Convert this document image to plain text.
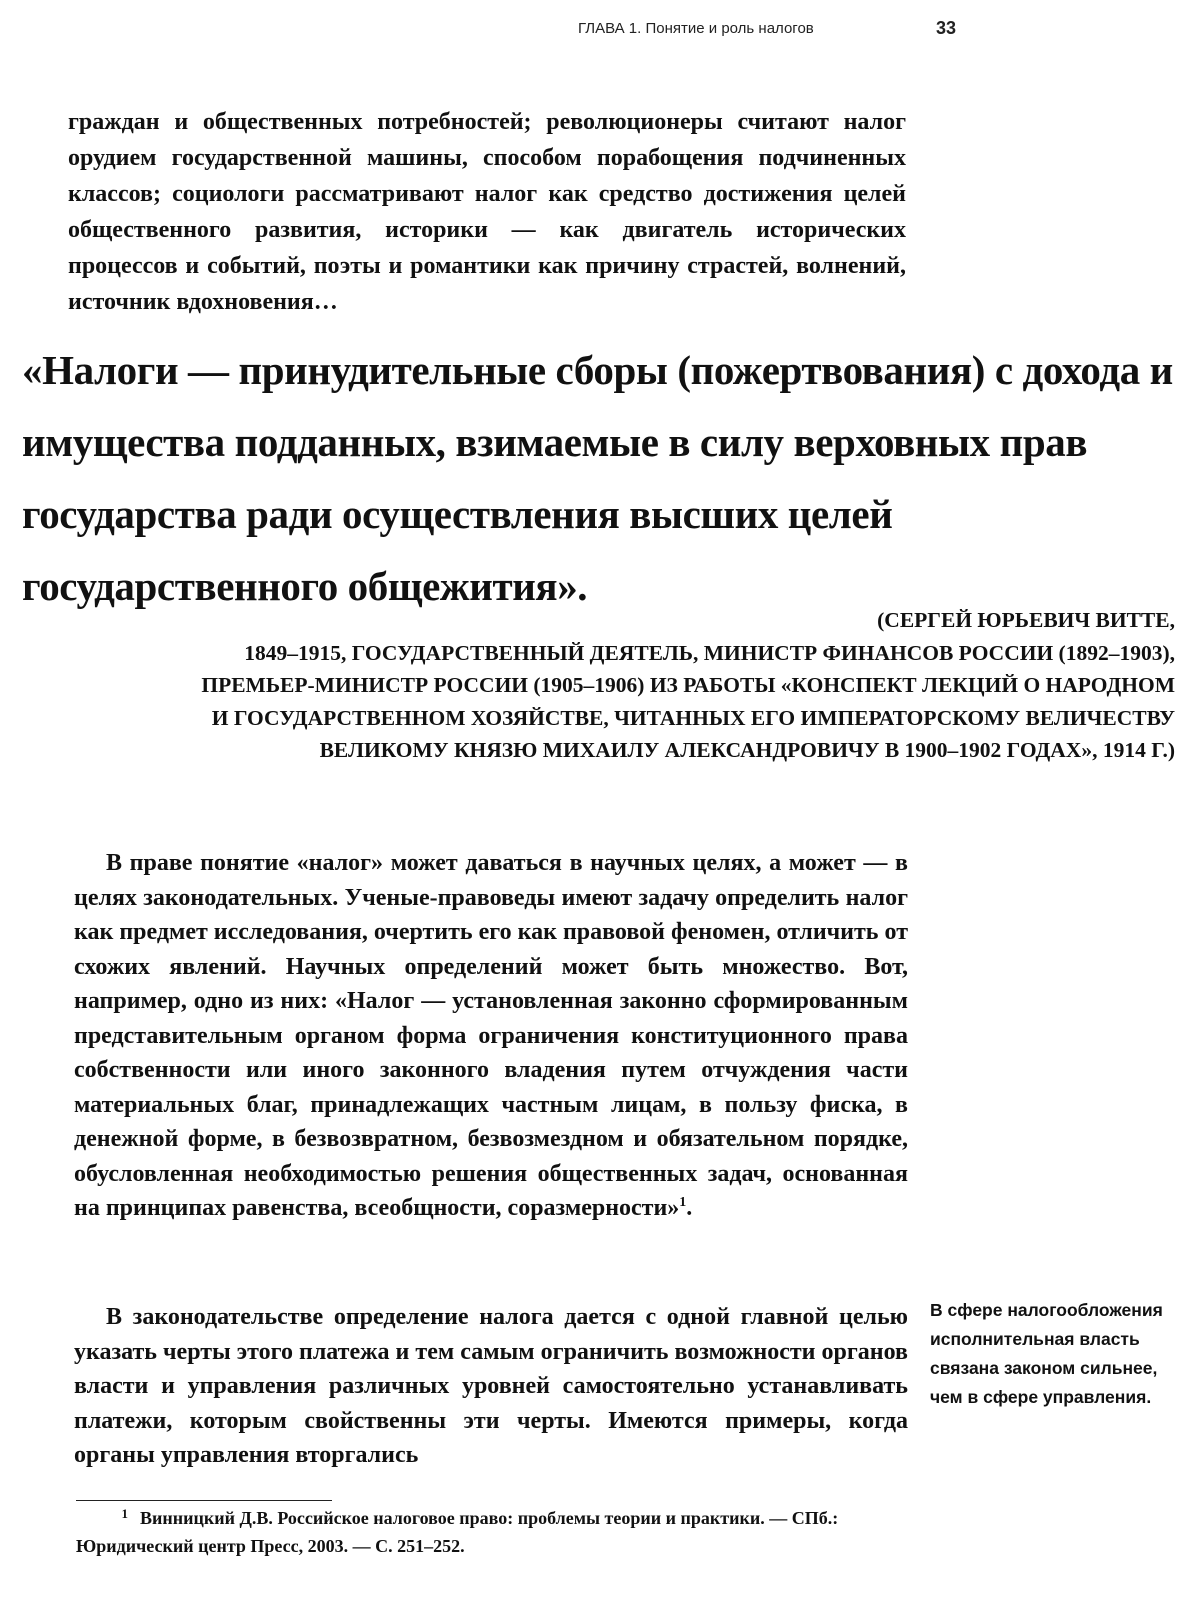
ГЛАВА 1. Понятие и роль налогов	33

граждан и общественных потребностей; революционеры считают налог орудием государственной машины, способом порабощения подчиненных классов; социологи рассматривают налог как средство достижения целей общественного развития, историки — как двигатель исторических процессов и событий, поэты и романтики как причину страстей, волнений, источник вдохновения…

«Налоги — принудительные сборы (пожертвования) с дохода и имущества подданных, взимаемые в силу верховных прав государства ради осуществления высших целей государственного общежития».

(СЕРГЕЙ ЮРЬЕВИЧ ВИТТЕ,
1849–1915, ГОСУДАРСТВЕННЫЙ ДЕЯТЕЛЬ, МИНИСТР ФИНАНСОВ РОССИИ (1892–1903),
ПРЕМЬЕР-МИНИСТР РОССИИ (1905–1906) ИЗ РАБОТЫ «КОНСПЕКТ ЛЕКЦИЙ О НАРОДНОМ
И ГОСУДАРСТВЕННОМ ХОЗЯЙСТВЕ, ЧИТАННЫХ ЕГО ИМПЕРАТОРСКОМУ ВЕЛИЧЕСТВУ
ВЕЛИКОМУ КНЯЗЮ МИХАИЛУ АЛЕКСАНДРОВИЧУ В 1900–1902 ГОДАХ», 1914 Г.)

В праве понятие «налог» может даваться в научных целях, а может — в целях законодательных. Ученые-правоведы имеют задачу определить налог как предмет исследования, очертить его как правовой феномен, отличить от схожих явлений. Научных определений может быть множество. Вот, например, одно из них: «Налог — установленная законно сформированным представительным органом форма ограничения конституционного права собственности или иного законного владения путем отчуждения части материальных благ, принадлежащих частным лицам, в пользу фиска, в денежной форме, в безвозвратном, безвозмездном и обязательном порядке, обусловленная необходимостью решения общественных задач, основанная на принципах равенства, всеобщности, соразмерности»$^1$.

В законодательстве определение налога дается с одной главной целью указать черты этого платежа и тем самым ограничить возможности органов власти и управления различных уровней самостоятельно устанавливать платежи, которым свойственны эти черты. Имеются примеры, когда органы управления вторгались

В сфере налогообложения исполнительная власть связана законом сильнее, чем в сфере управления.

1 Винницкий Д.В. Российское налоговое право: проблемы теории и практики. — СПб.: Юридический центр Пресс, 2003. — С. 251–252.
